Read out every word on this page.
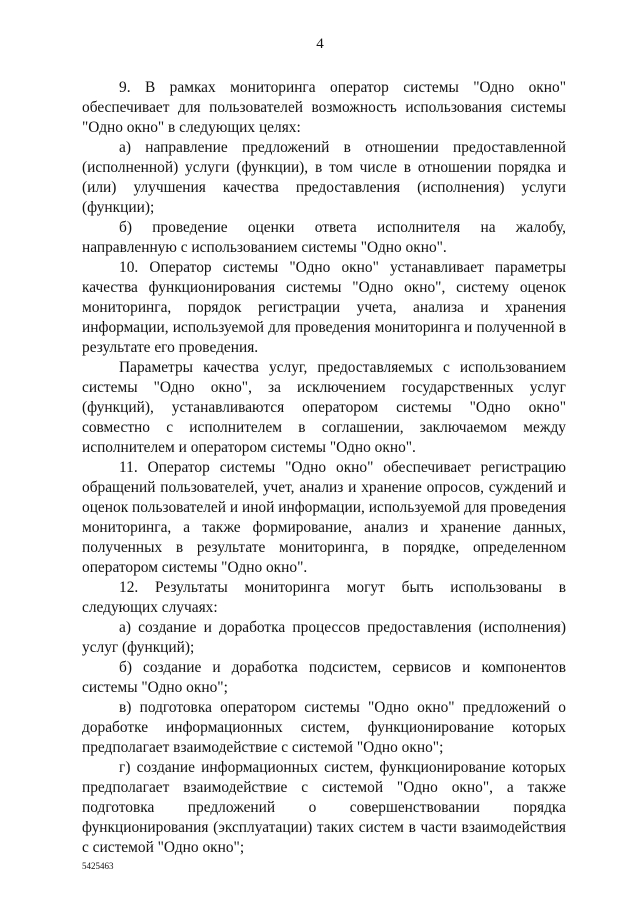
4

9. В рамках мониторинга оператор системы "Одно окно" обеспечивает для пользователей возможность использования системы "Одно окно" в следующих целях:

а) направление предложений в отношении предоставленной (исполненной) услуги (функции), в том числе в отношении порядка и (или) улучшения качества предоставления (исполнения) услуги (функции);

б) проведение оценки ответа исполнителя на жалобу, направленную с использованием системы "Одно окно".

10. Оператор системы "Одно окно" устанавливает параметры качества функционирования системы "Одно окно", систему оценок мониторинга, порядок регистрации учета, анализа и хранения информации, используемой для проведения мониторинга и полученной в результате его проведения.

Параметры качества услуг, предоставляемых с использованием системы "Одно окно", за исключением государственных услуг (функций), устанавливаются оператором системы "Одно окно" совместно с исполнителем в соглашении, заключаемом между исполнителем и оператором системы "Одно окно".

11. Оператор системы "Одно окно" обеспечивает регистрацию обращений пользователей, учет, анализ и хранение опросов, суждений и оценок пользователей и иной информации, используемой для проведения мониторинга, а также формирование, анализ и хранение данных, полученных в результате мониторинга, в порядке, определенном оператором системы "Одно окно".

12. Результаты мониторинга могут быть использованы в следующих случаях:

а) создание и доработка процессов предоставления (исполнения) услуг (функций);

б) создание и доработка подсистем, сервисов и компонентов системы "Одно окно";

в) подготовка оператором системы "Одно окно" предложений о доработке информационных систем, функционирование которых предполагает взаимодействие с системой "Одно окно";

г) создание информационных систем, функционирование которых предполагает взаимодействие с системой "Одно окно", а также подготовка предложений о совершенствовании порядка функционирования (эксплуатации) таких систем в части взаимодействия с системой "Одно окно";

5425463
